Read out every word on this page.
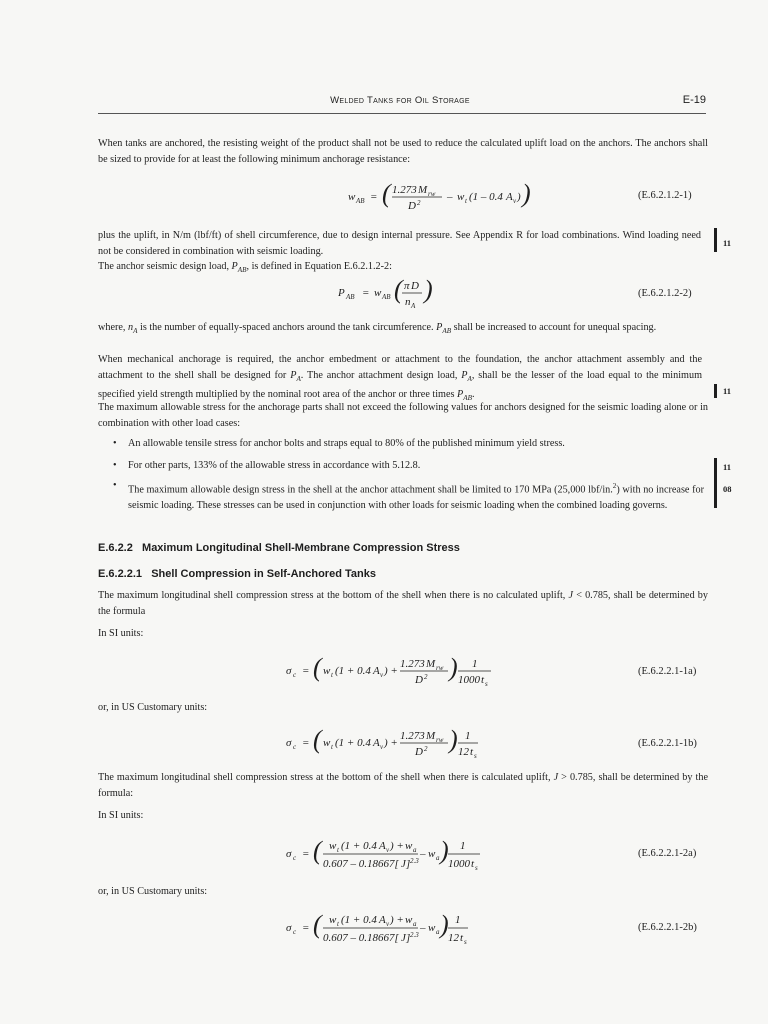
Welded Tanks for Oil Storage	E-19
When tanks are anchored, the resisting weight of the product shall not be used to reduce the calculated uplift load on the anchors. The anchors shall be sized to provide for at least the following minimum anchorage resistance:
w AB = ( 1.273 M rw
D 2 – w t (1 – 0.4 A v ) )	(E.6.2.1.2-1)
plus the uplift, in N/m (lbf/ft) of shell circumference, due to design internal pressure. See Appendix R for load combinations. Wind loading need not be considered in combination with seismic loading.
11
The anchor seismic design load, $P_{AB}$, is defined in Equation E.6.2.1.2-2:
P AB = w AB ( π D
n A
)	(E.6.2.1.2-2)
where, $n_A$ is the number of equally-spaced anchors around the tank circumference. $P_{AB}$ shall be increased to account for unequal spacing.
When mechanical anchorage is required, the anchor embedment or attachment to the foundation, the anchor attachment assembly and the attachment to the shell shall be designed for $P_A$. The anchor attachment design load, $P_A$, shall be the lesser of the load equal to the minimum specified yield strength multiplied by the nominal root area of the anchor or three times $P_{AB}$.	11
The maximum allowable stress for the anchorage parts shall not exceed the following values for anchors designed for the seismic loading alone or in combination with other load cases:
• An allowable tensile stress for anchor bolts and straps equal to 80% of the published minimum yield stress.
• For other parts, 133% of the allowable stress in accordance with 5.12.8.	11
• The maximum allowable design stress in the shell at the anchor attachment shall be limited to 170 MPa (25,000 lbf/in.$^2$) with no increase for seismic loading. These stresses can be used in conjunction with other loads for seismic loading when the combined loading governs.
08
E.6.2.2 Maximum Longitudinal Shell-Membrane Compression Stress
E.6.2.2.1 Shell Compression in Self-Anchored Tanks
The maximum longitudinal shell compression stress at the bottom of the shell when there is no calculated uplift, J < 0.785, shall be determined by the formula
In SI units:
σ c = ( w t (1 + 0.4 A v ) +
1.273 M rw
D 2 ) 1
1000 t s
(E.6.2.2.1-1a)
or, in US Customary units:
σ c = ( w t (1 + 0.4 A v ) +
1.273 M rw
D 2 ) 1
12 t s
(E.6.2.2.1-1b)
The maximum longitudinal shell compression stress at the bottom of the shell when there is calculated uplift, J > 0.785, shall be determined by the formula:
In SI units:
σ c = ( w t (1 + 0.4 A v ) + w a
0.607 – 0.18667[ J ] 2.3
– w a ) 1
1000 t s
(E.6.2.2.1-2a)
or, in US Customary units:
σ c = ( w t (1 + 0.4 A v ) + w a
0.607 – 0.18667[ J ] 2.3
– w a ) 1
12 t s
(E.6.2.2.1-2b)
